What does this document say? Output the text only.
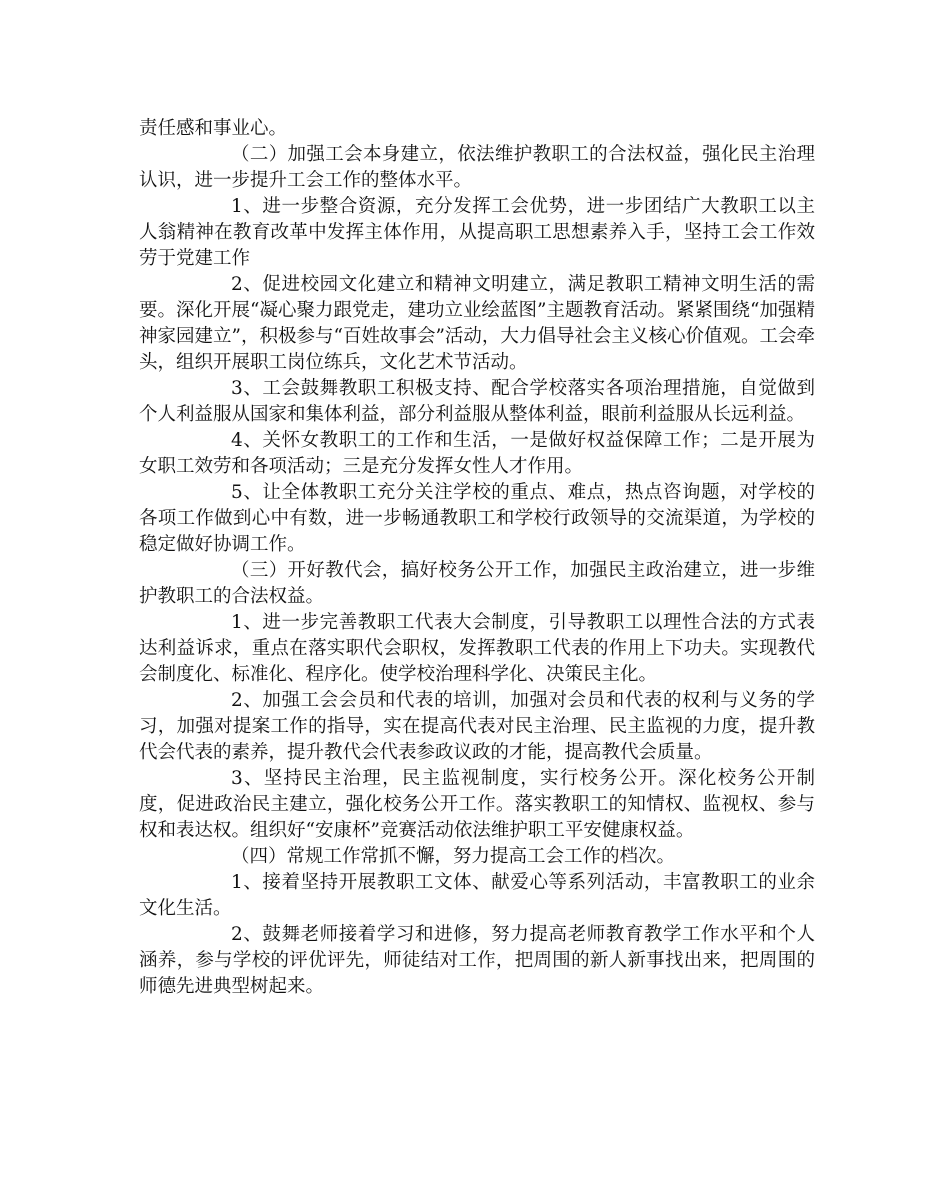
责任感和事业心。

（二）加强工会本身建立，依法维护教职工的合法权益，强化民主治理认识，进一步提升工会工作的整体水平。

1、进一步整合资源，充分发挥工会优势，进一步团结广大教职工以主人翁精神在教育改革中发挥主体作用，从提高职工思想素养入手，坚持工会工作效劳于党建工作

2、促进校园文化建立和精神文明建立，满足教职工精神文明生活的需要。深化开展“凝心聚力跟党走，建功立业绘蓝图”主题教育活动。紧紧围绕“加强精神家园建立”，积极参与“百姓故事会”活动，大力倡导社会主义核心价值观。工会牵头，组织开展职工岗位练兵，文化艺术节活动。

3、工会鼓舞教职工积极支持、配合学校落实各项治理措施，自觉做到个人利益服从国家和集体利益，部分利益服从整体利益，眼前利益服从长远利益。

4、关怀女教职工的工作和生活，一是做好权益保障工作；二是开展为女职工效劳和各项活动；三是充分发挥女性人才作用。

5、让全体教职工充分关注学校的重点、难点，热点咨询题，对学校的各项工作做到心中有数，进一步畅通教职工和学校行政领导的交流渠道，为学校的稳定做好协调工作。

（三）开好教代会，搞好校务公开工作，加强民主政治建立，进一步维护教职工的合法权益。

1、进一步完善教职工代表大会制度，引导教职工以理性合法的方式表达利益诉求，重点在落实职代会职权，发挥教职工代表的作用上下功夫。实现教代会制度化、标准化、程序化。使学校治理科学化、决策民主化。

2、加强工会会员和代表的培训，加强对会员和代表的权利与义务的学习，加强对提案工作的指导，实在提高代表对民主治理、民主监视的力度，提升教代会代表的素养，提升教代会代表参政议政的才能，提高教代会质量。

3、坚持民主治理，民主监视制度，实行校务公开。深化校务公开制度，促进政治民主建立，强化校务公开工作。落实教职工的知情权、监视权、参与权和表达权。组织好“安康杯”竞赛活动依法维护职工平安健康权益。

（四）常规工作常抓不懈，努力提高工会工作的档次。

1、接着坚持开展教职工文体、献爱心等系列活动，丰富教职工的业余文化生活。

2、鼓舞老师接着学习和进修，努力提高老师教育教学工作水平和个人涵养，参与学校的评优评先，师徒结对工作，把周围的新人新事找出来，把周围的师德先进典型树起来。
